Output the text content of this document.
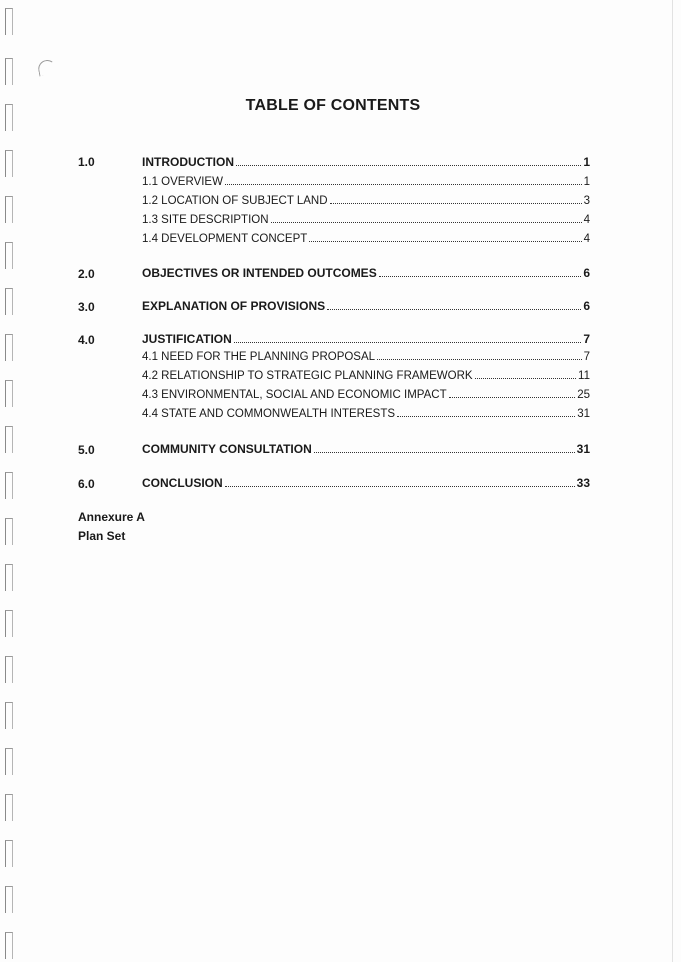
TABLE OF CONTENTS
1.0	INTRODUCTION	1
1.1 OVERVIEW	1
1.2 LOCATION OF SUBJECT LAND	3
1.3 SITE DESCRIPTION	4
1.4 DEVELOPMENT CONCEPT	4
2.0	OBJECTIVES OR INTENDED OUTCOMES	6
3.0	EXPLANATION OF PROVISIONS	6
4.0	JUSTIFICATION	7
4.1 NEED FOR THE PLANNING PROPOSAL	7
4.2 RELATIONSHIP TO STRATEGIC PLANNING FRAMEWORK	11
4.3 ENVIRONMENTAL, SOCIAL AND ECONOMIC IMPACT	25
4.4 STATE AND COMMONWEALTH INTERESTS	31
5.0	COMMUNITY CONSULTATION	31
6.0	CONCLUSION	33
Annexure A
Plan Set
